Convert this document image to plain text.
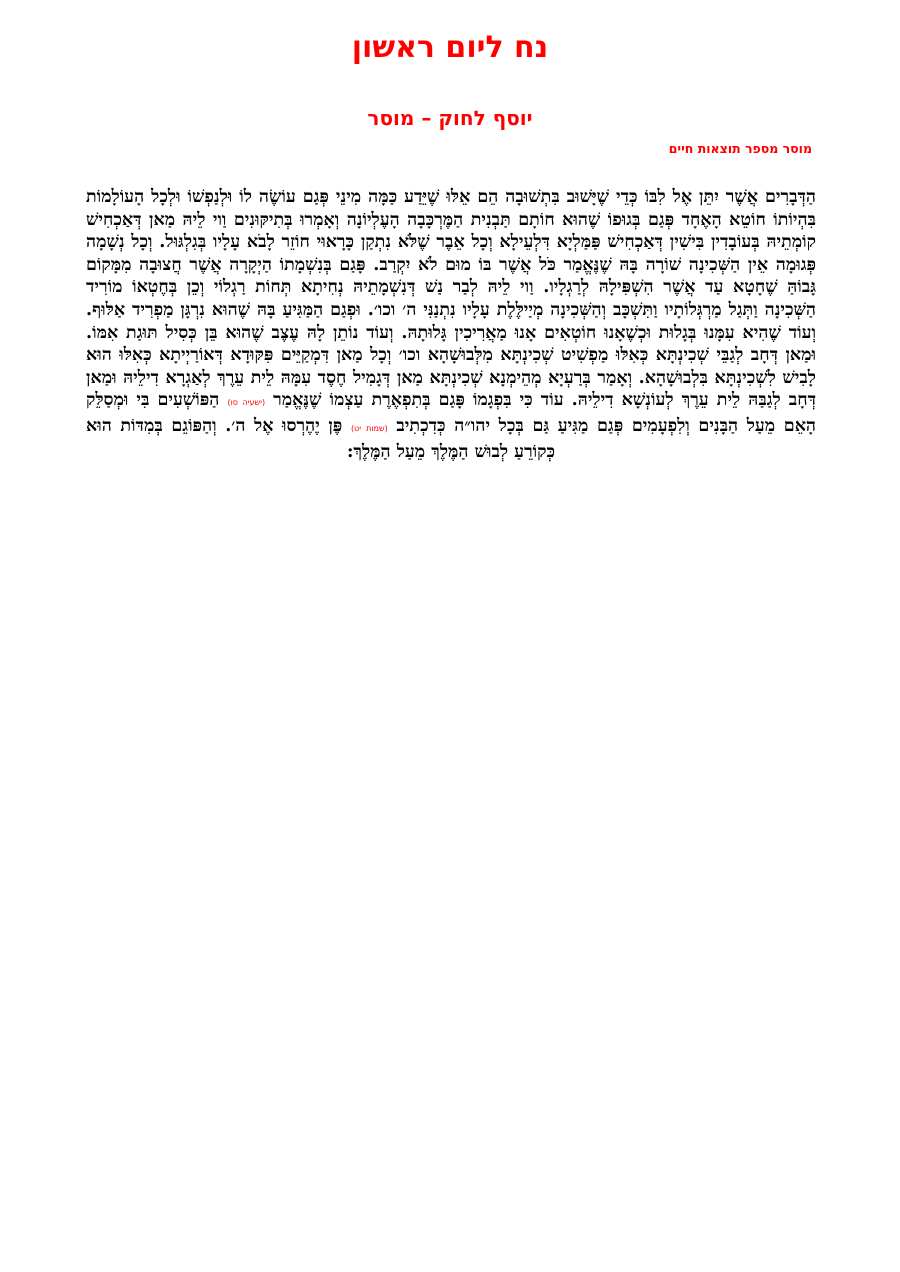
נח ליום ראשון
יוסף לחוק – מוסר
מוסר מספר תוצאות חיים
הַדְּבָרִים אֲשֶׁר יִתֵּן אֶל לִבּוֹ כְּדֵי שֶׁיָּשׁוּב בִּתְשׁוּבָה הֵם אֵלּוּ שֶׁיֵּדַע כַּמָּה מִינֵי פְּגַם עוֹשֶׂה לוֹ וּלְנַפְשׁוֹ וּלְכָל הָעוֹלָמוֹת בִּהְיוֹתוֹ חוֹטֵא הָאֶחָד פְּגַם בְּגוּפוֹ שֶׁהוּא חוֹתָם תַּבְנִית הַמֶּרְכָּבָה הָעֶלְיוֹנָה וְאָמְרוּ בְּתִיקּוּנִים וַוי לֵיהּ מַאן דְּאַכְחִישׁ קוֹמְתֵיהּ בְּעוֹבָדִין בִּישִׁין דְּאַכְחִישׁ פַּמַּלְיָא דִּלְעֵילָא וְכָל אֵבֶר שֶׁלֹּא נִתְקַן כָּרָאוּי חוֹזֵר לָבֹא עָלָיו בְּגִלְגּוּל. וְכָל נְשָׁמָה פְּגוּמָה אֵין הַשְּׁכִינָה שׁוֹרָה בָּהּ שֶׁנֶּאֱמַר כֹּל אֲשֶׁר בּוֹ מוּם לֹא יִקְרַב. פָּגַם בְּנִשְׁמָתוֹ הַיְקָרָה אֲשֶׁר חֲצוּבָה מִמָּקוֹם גָּבוֹהַּ שֶׁחָטָא עַד אֲשֶׁר הִשְׁפִּילָהּ לְרַגְלָיו. וַוי לֵיהּ לְבַר נַשׁ דְּנִשְׁמָתֵיהּ נְחִיתָא תְּחוֹת רַגְלוֹי וְכֵן בְּחֶטְאוֹ מוֹרִיד הַשְּׁכִינָה וַתְּגַל מַרְגְּלוֹתָיו וַתִּשְׁכָּב וְהַשְּׁכִינָה מְיַילֶּלֶת עָלָיו נִתְנַנִּי ה׳ וכו׳. וּפְגַם הַמַּגִּיעַ בָּהּ שֶׁהוּא נִרְגָּן מַפְרִיד אַלּוּף. וְעוֹד שֶׁהִיא עִמָּנוּ בְּגָלוּת וּכְשֶׁאָנוּ חוֹטְאִים אָנוּ מַאֲרִיכִין גָּלוּתָהּ. וְעוֹד נוֹתֵן לָהּ עֶצֶב שֶׁהוּא בֵּן כְּסִיל תּוּגַת אִמּוֹ. וּמַאן דְּחָב לְגַבֵּי שְׁכִינְתָּא כְּאִלּוּ מַפְשִׁיט שְׁכִינְתָּא מִלְּבוּשָׁהָא וכו׳ וְכָל מַאן דִּמְקַיֵּים פִּקּוּדָא דְּאוֹרַיְיתָא כְּאִלּוּ הוּא לָבִישׁ לִשְׁכִינְתָּא בִּלְבוּשָׁהָא. וְאָמַר בְּרַעְיָא מְהֵימְנָא שְׁכִינְתָּא מַאן דְּגָמִיל חֶסֶד עִמָּהּ לֵית עֵרֶךְ לְאַגְרָא דִילֵיהּ וּמַאן דְּחָב לְגַבַּהּ לֵית עֵרֶךְ לְעוֹנְשָׁא דִילֵיהּ. עוֹד כִּי בִּפְגָמוֹ פָּגַם בְּתִפְאֶרֶת עַצְמוֹ שֶׁנֶּאֱמַר (ישעיה סו) הַפּוֹשְׁעִים בִּי וּמְסַלֵּק הָאֵם מֵעַל הַבָּנִים וְלִפְעָמִים פְּגַם מַגִּיעַ גַּם בְּכָל יהו״ה כְּדִכְתִיב (שמות יט) פֶּן יֶהֶרְסוּ אֶל ה׳. וְהַפּוֹגֵם בְּמִדּוֹת הוּא כְּקוֹרֵעַ לְבוּשׁ הַמֶּלֶךְ מֵעַל הַמֶּלֶךְ:
